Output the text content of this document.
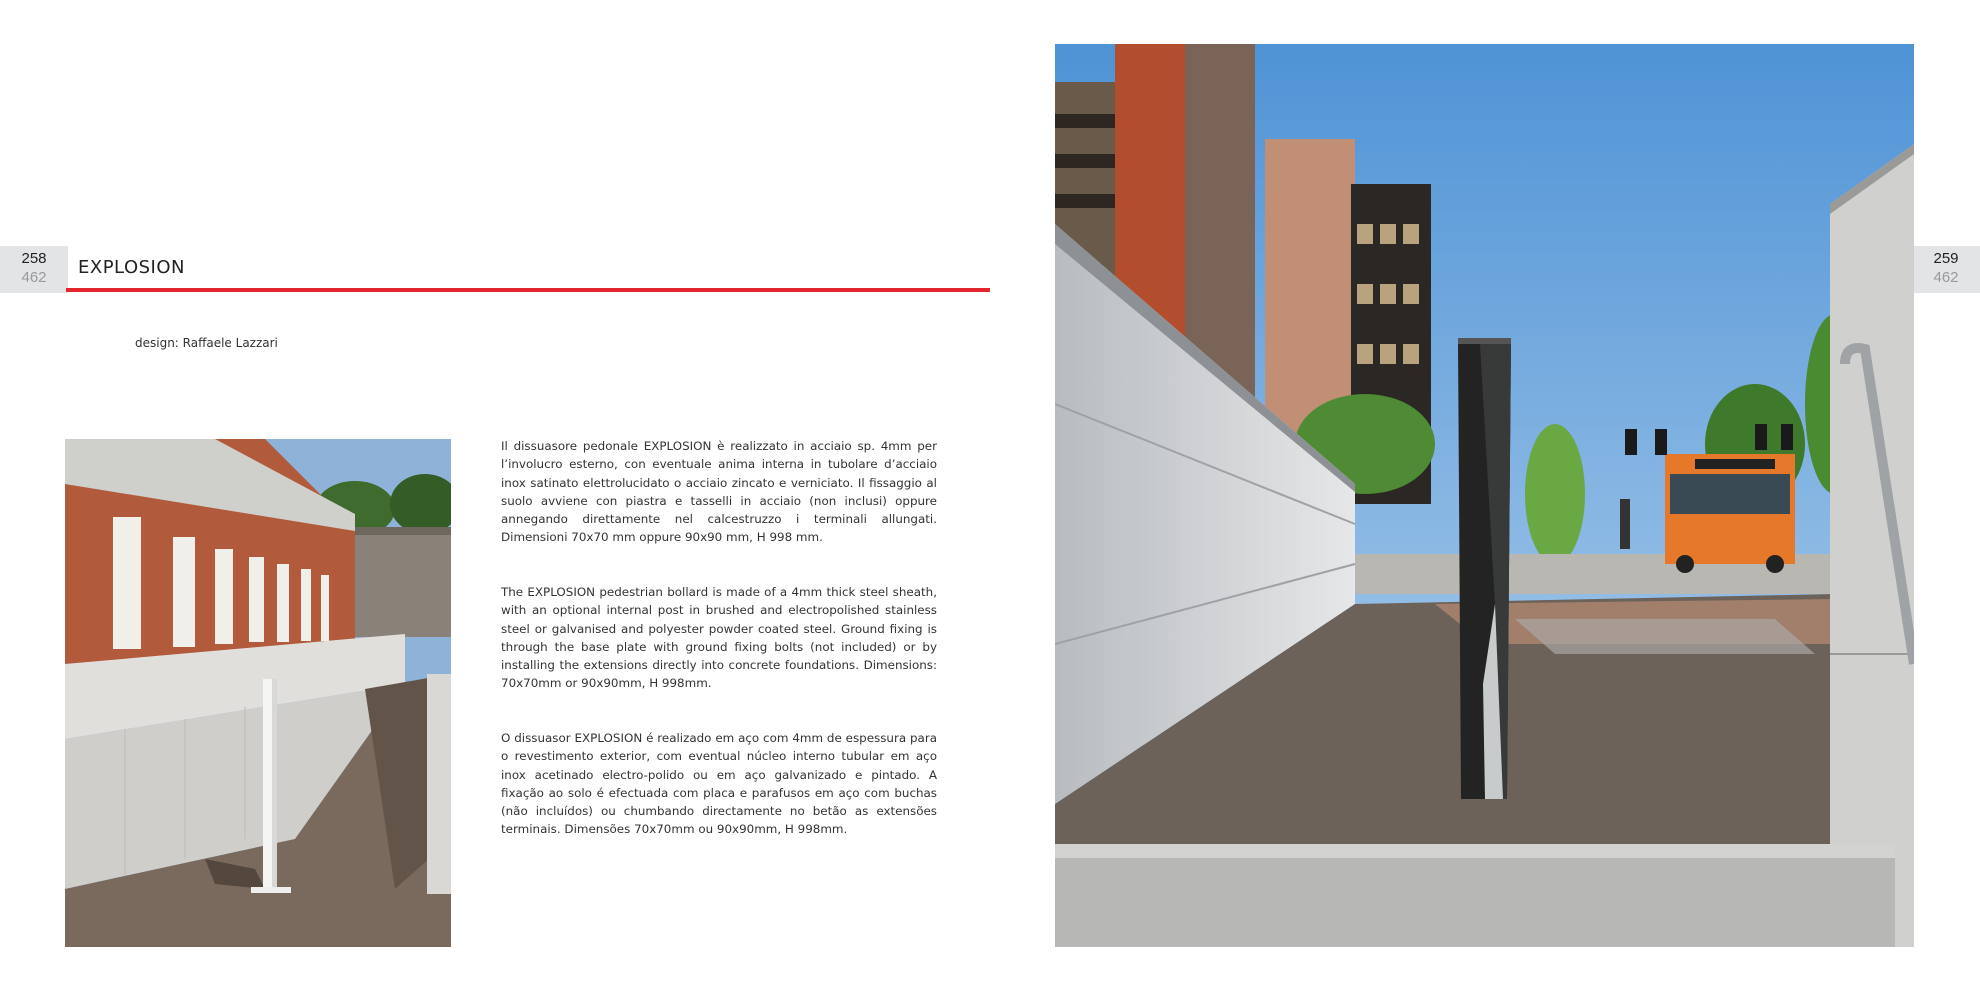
258
462
259
462
EXPLOSION
design: Raffaele Lazzari

Il dissuasore pedonale EXPLOSION è realizzato in acciaio sp. 4mm per l’involucro esterno, con eventuale anima interna in tubolare d’acciaio inox satinato elettrolucidato o acciaio zincato e verniciato. Il fissaggio al suolo avviene con piastra e tasselli in acciaio (non inclusi) oppure annegando direttamente nel calcestruzzo i terminali allungati. Dimensioni 70x70 mm oppure 90x90 mm, H 998 mm.

The EXPLOSION pedestrian bollard is made of a 4mm thick steel sheath, with an optional internal post in brushed and electropolished stainless steel or galvanised and polyester powder coated steel. Ground fixing is through the base plate with ground fixing bolts (not included) or by installing the extensions directly into concrete foundations. Dimensions: 70x70mm or 90x90mm, H 998mm.

O dissuasor EXPLOSION é realizado em aço com 4mm de espessura para o revestimento exterior, com eventual núcleo interno tubular em aço inox acetinado electro-polido ou em aço galvanizado e pintado. A fixação ao solo é efectuada com placa e parafusos em aço com buchas (não incluídos) ou chumbando directamente no betão as extensões terminais. Dimensões 70x70mm ou 90x90mm, H 998mm.
